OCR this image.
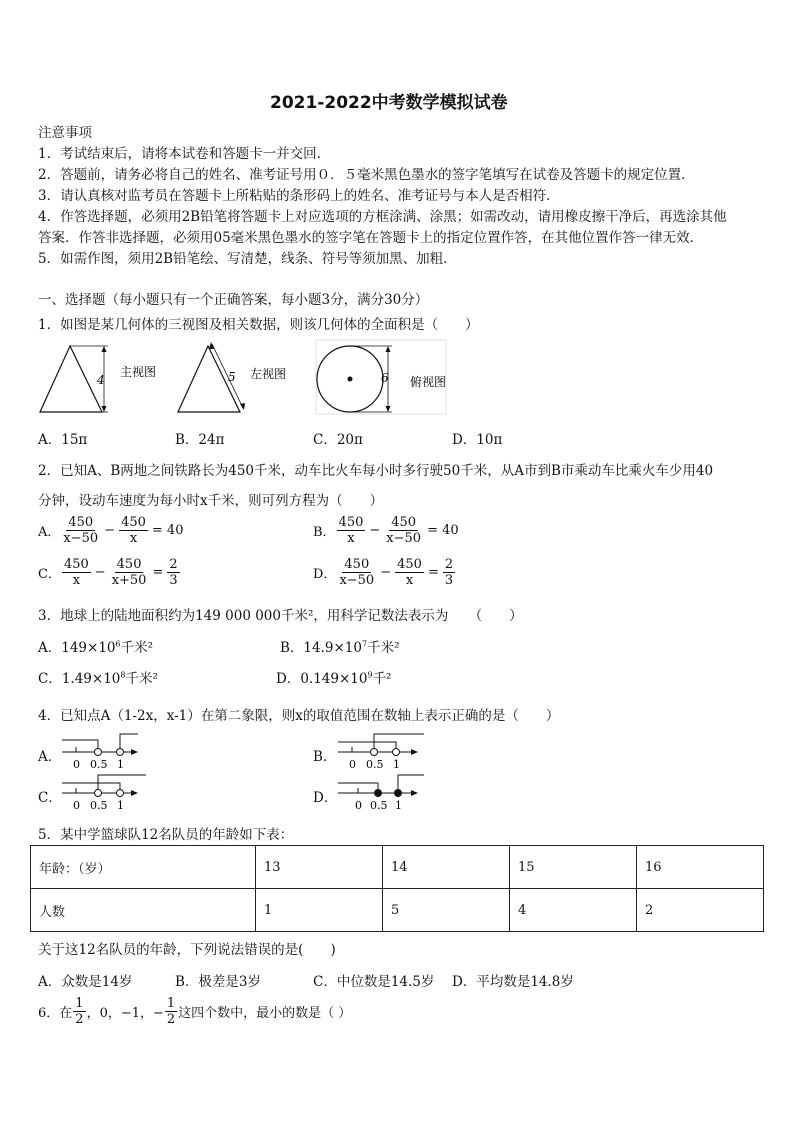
2021-2022中考数学模拟试卷
注意事项
1．考试结束后，请将本试卷和答题卡一并交回．
2．答题前，请务必将自己的姓名、准考证号用０．５毫米黑色墨水的签字笔填写在试卷及答题卡的规定位置．
3．请认真核对监考员在答题卡上所粘贴的条形码上的姓名、准考证号与本人是否相符．
4．作答选择题，必须用2B铅笔将答题卡上对应选项的方框涂满、涂黑；如需改动，请用橡皮擦干净后，再选涂其他
答案．作答非选择题，必须用05毫米黑色墨水的签字笔在答题卡上的指定位置作答，在其他位置作答一律无效．
5．如需作图，须用2B铅笔绘、写清楚，线条、符号等须加黑、加粗．
一、选择题（每小题只有一个正确答案，每小题3分，满分30分）
1．如图是某几何体的三视图及相关数据，则该几何体的全面积是（　　）
4
主视图	5 左视图	6 俯视图
A．15π	B．24π	C．20π	D．10π
2．已知A、B两地之间铁路长为450千米，动车比火车每小时多行驶50千米，从A市到B市乘动车比乘火车少用40
分钟，设动车速度为每小时x千米，则可列方程为（　　）
A． $\frac{450}{x-50} - \frac{450}{x} = 40$	B． $\frac{450}{x} - \frac{450}{x-50} = 40$
C． $\frac{450}{x} - \frac{450}{x+50} = \frac{2}{3}$	D． $\frac{450}{x-50} - \frac{450}{x} = \frac{2}{3}$
3．地球上的陆地面积约为149 000 000千米²，用科学记数法表示为　　（　　）
A．$149\times 10^6$千米²	B．$14.9\times 10^7$千米²
C．$1.49\times 10^8$千米²	D．$0.149\times 10^9$千²
4．已知点A（1-2x，x-1）在第二象限，则x的取值范围在数轴上表示正确的是（　　）
A． 0 0.5 1	B． 0 0.5 1
C． 0 0.5 1	D． 0 0.5 1
5．某中学篮球队12名队员的年龄如下表：
年龄：（岁）	13	14	15	16
人数	1	5	4	2
关于这12名队员的年龄，下列说法错误的是(　　)
A．众数是14岁	B．极差是3岁	C．中位数是14.5岁 D．平均数是14.8岁
6．在 $\frac{1}{2}$ ，0，−1，− $\frac{1}{2}$ 这四个数中，最小的数是（ ）
